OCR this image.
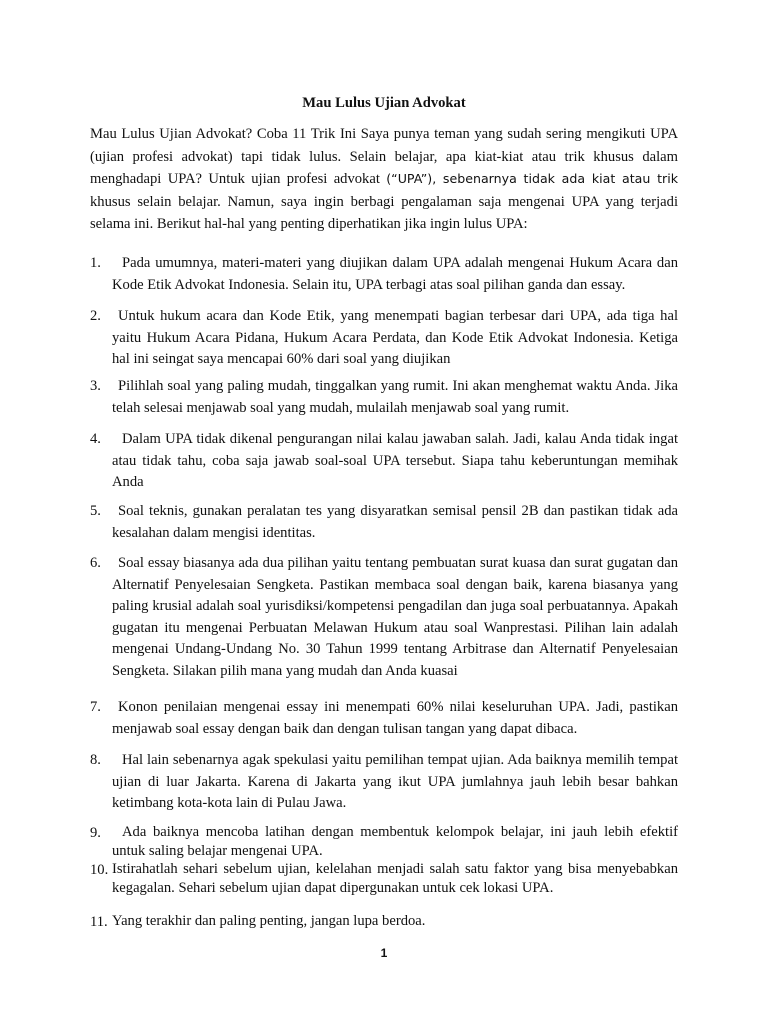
Mau Lulus Ujian Advokat
Mau Lulus Ujian Advokat? Coba 11 Trik Ini Saya punya teman yang sudah sering mengikuti UPA (ujian profesi advokat) tapi tidak lulus. Selain belajar, apa kiat-kiat atau trik khusus dalam menghadapi UPA? Untuk ujian profesi advokat (“UPA”), sebenarnya tidak ada kiat atau trik khusus selain belajar. Namun, saya ingin berbagi pengalaman saja mengenai UPA yang terjadi selama ini. Berikut hal-hal yang penting diperhatikan jika ingin lulus UPA:
1.	Pada umumnya, materi-materi yang diujikan dalam UPA adalah mengenai Hukum Acara dan Kode Etik Advokat Indonesia. Selain itu, UPA terbagi atas soal pilihan ganda dan essay.
2.	Untuk hukum acara dan Kode Etik, yang menempati bagian terbesar dari UPA, ada tiga hal yaitu Hukum Acara Pidana, Hukum Acara Perdata, dan Kode Etik Advokat Indonesia. Ketiga hal ini seingat saya mencapai 60% dari soal yang diujikan
3.	Pilihlah soal yang paling mudah, tinggalkan yang rumit. Ini akan menghemat waktu Anda. Jika telah selesai menjawab soal yang mudah, mulailah menjawab soal yang rumit.
4.	Dalam UPA tidak dikenal pengurangan nilai kalau jawaban salah. Jadi, kalau Anda tidak ingat atau tidak tahu, coba saja jawab soal-soal UPA tersebut. Siapa tahu keberuntungan memihak Anda
5.	Soal teknis, gunakan peralatan tes yang disyaratkan semisal pensil 2B dan pastikan tidak ada kesalahan dalam mengisi identitas.
6.	Soal essay biasanya ada dua pilihan yaitu tentang pembuatan surat kuasa dan surat gugatan dan Alternatif Penyelesaian Sengketa. Pastikan membaca soal dengan baik, karena biasanya yang paling krusial adalah soal yurisdiksi/kompetensi pengadilan dan juga soal perbuatannya. Apakah gugatan itu mengenai Perbuatan Melawan Hukum atau soal Wanprestasi. Pilihan lain adalah mengenai Undang-Undang No. 30 Tahun 1999 tentang Arbitrase dan Alternatif Penyelesaian Sengketa. Silakan pilih mana yang mudah dan Anda kuasai
7.	Konon penilaian mengenai essay ini menempati 60% nilai keseluruhan UPA. Jadi, pastikan menjawab soal essay dengan baik dan dengan tulisan tangan yang dapat dibaca.
8.	Hal lain sebenarnya agak spekulasi yaitu pemilihan tempat ujian. Ada baiknya memilih tempat ujian di luar Jakarta. Karena di Jakarta yang ikut UPA jumlahnya jauh lebih besar bahkan ketimbang kota-kota lain di Pulau Jawa.
9.	Ada baiknya mencoba latihan dengan membentuk kelompok belajar, ini jauh lebih efektif untuk saling belajar mengenai UPA.
10. Istirahatlah sehari sebelum ujian, kelelahan menjadi salah satu faktor yang bisa menyebabkan kegagalan. Sehari sebelum ujian dapat dipergunakan untuk cek lokasi UPA.
11. Yang terakhir dan paling penting, jangan lupa berdoa.
1
